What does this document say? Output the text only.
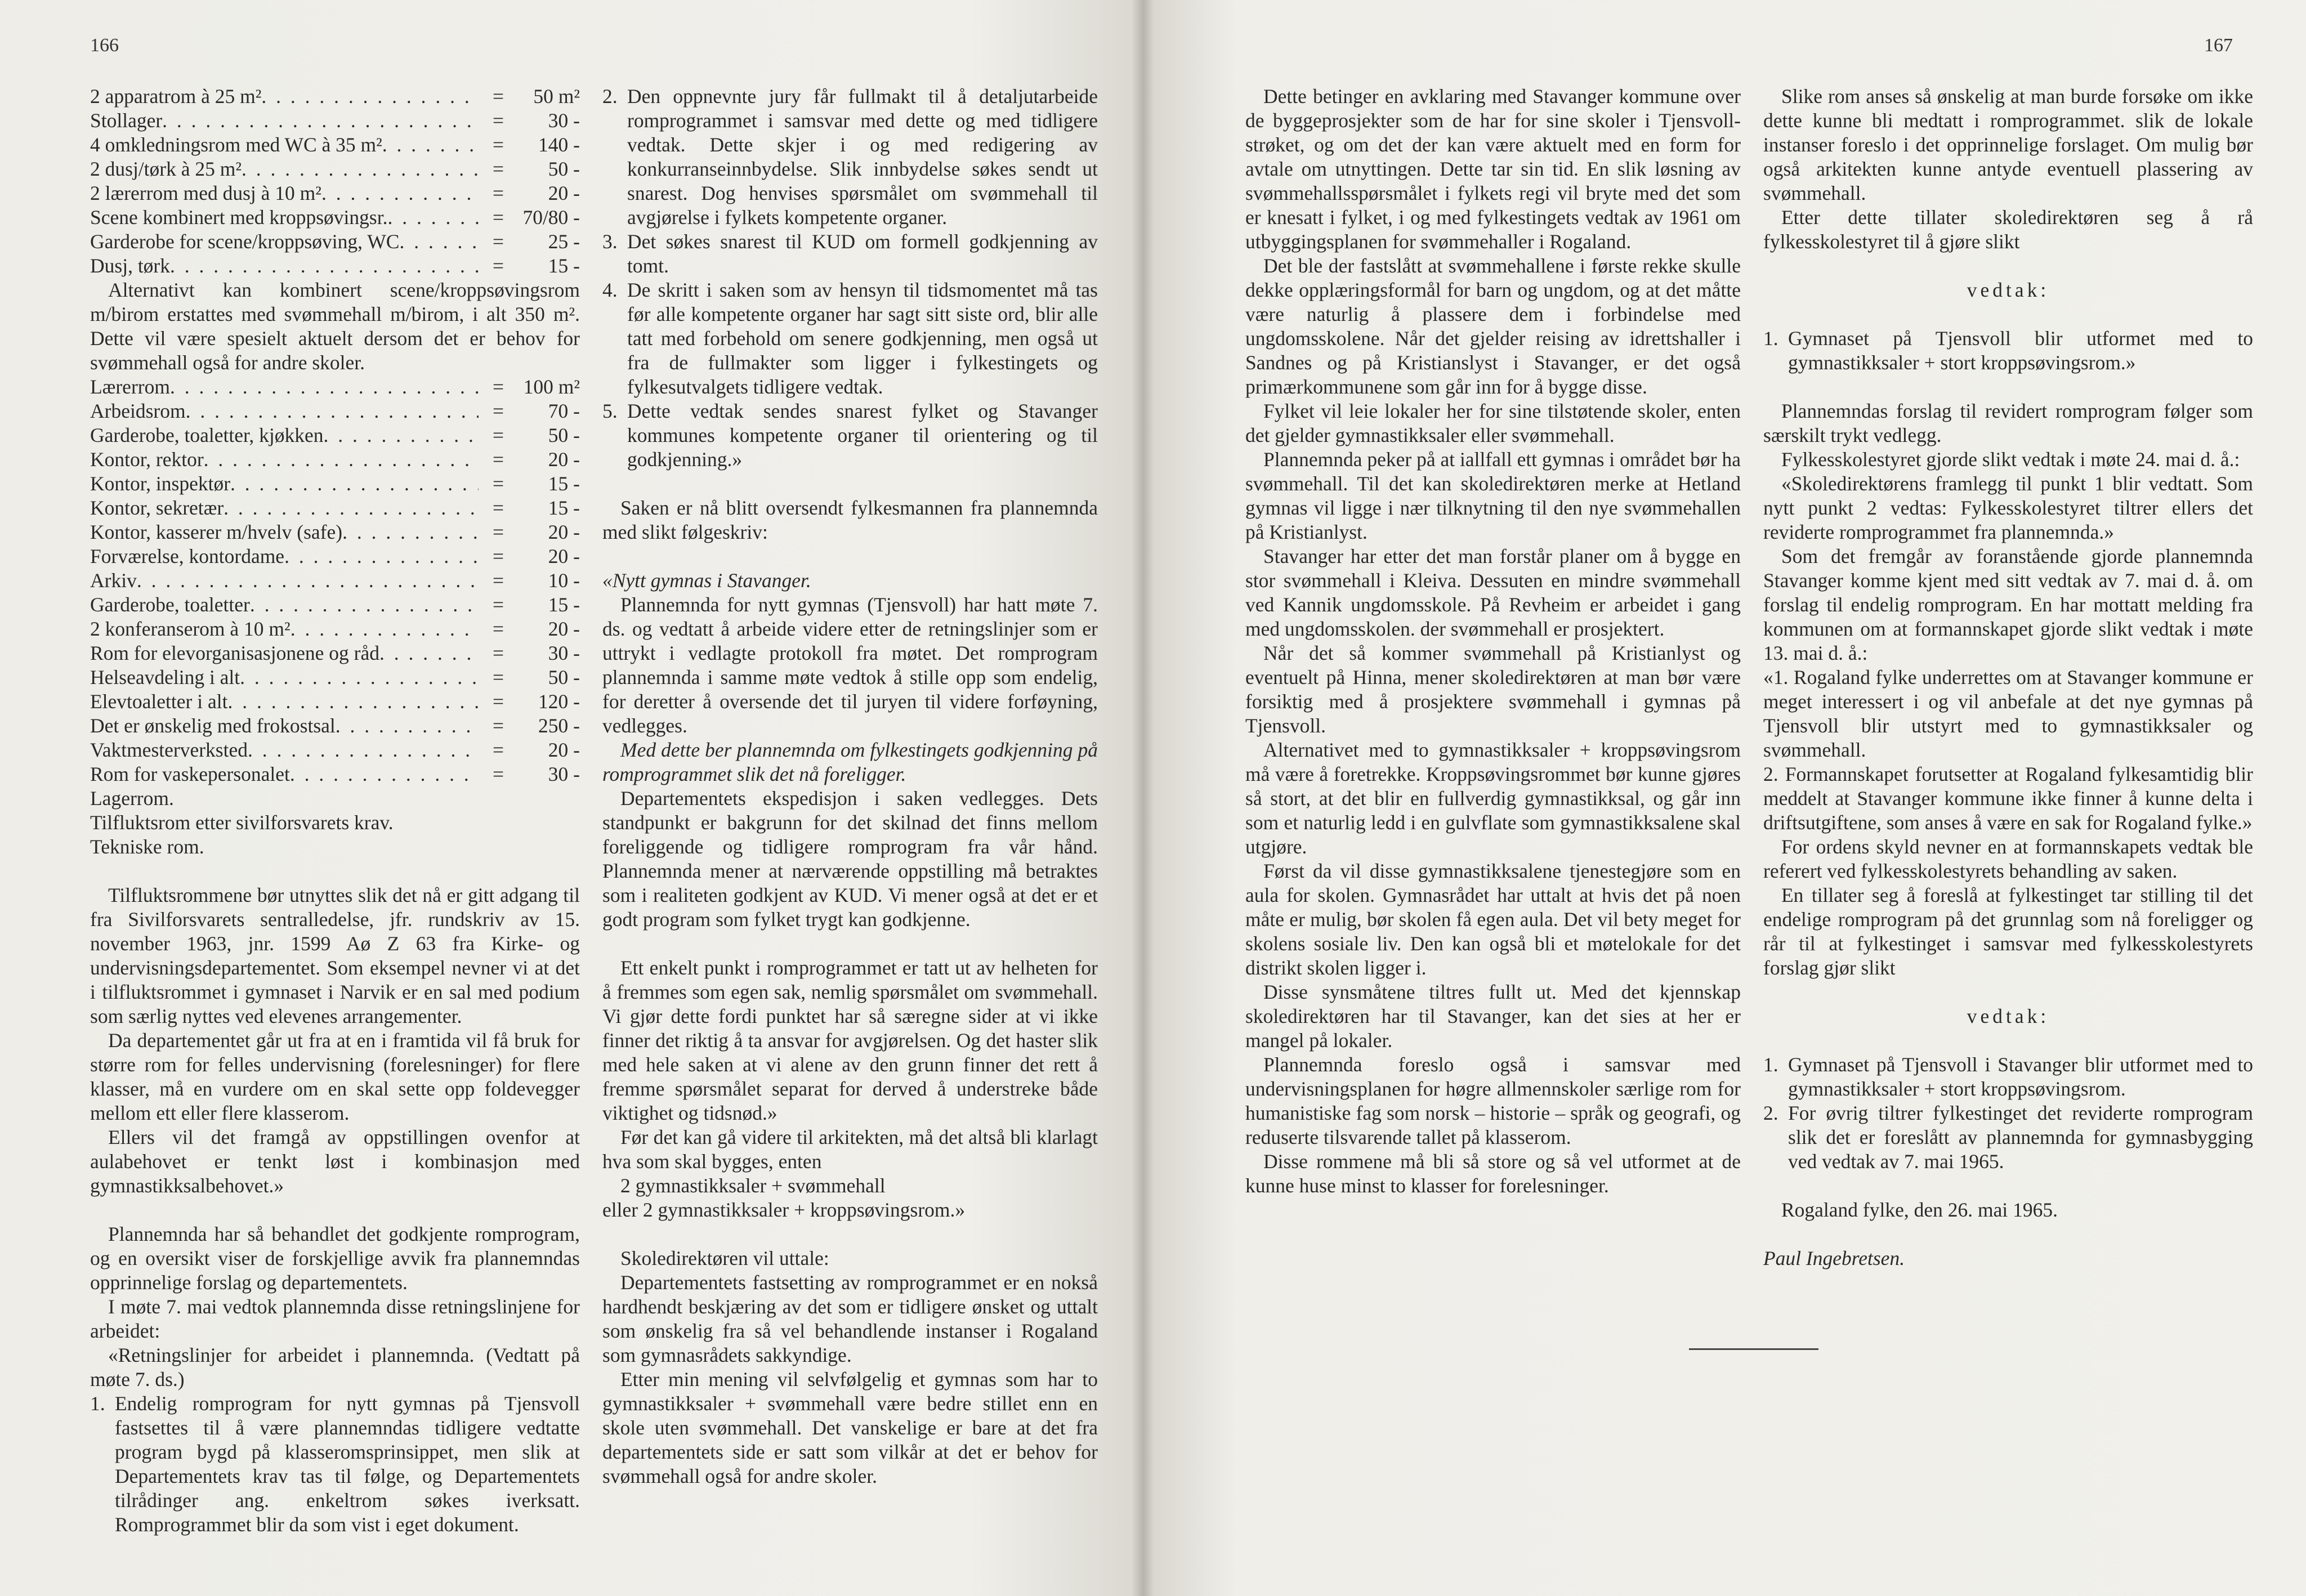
166
2 apparatrom à 25 m² . . .	=	50 m²
Stollager . . .	=	30 -
4 omkledningsrom med WC à 35 m² . . .	=	140 -
2 dusj/tørk à 25 m² . . .	=	50 -
2 lærerrom med dusj à 10 m² . . .	=	20 -
Scene kombinert med kroppsøvingsr. . . .	= 70/80 -
Garderobe for scene/kroppsøving, WC . . .	=	25 -
Dusj, tørk . . .	=	15 -

Alternativt kan kombinert scene/kroppsøvingsrom m/birom erstattes med svømmehall m/birom, i alt 350 m². Dette vil være spesielt aktuelt dersom det er behov for svømmehall også for andre skoler.

Lærerrom . . .	= 100 m²
Arbeidsrom . . .	=	70 -
Garderobe, toaletter, kjøkken . . .	=	50 -
Kontor, rektor . . .	=	20 -
Kontor, inspektør . . .	=	15 -
Kontor, sekretær . . .	=	15 -
Kontor, kasserer m/hvelv (safe) . . .	=	20 -
Forværelse, kontordame . . .	=	20 -
Arkiv . . .	=	10 -
Garderobe, toaletter . . .	=	15 -
2 konferanserom à 10 m² . . .	=	20 -
Rom for elevorganisasjonene og råd . . .	=	30 -
Helseavdeling i alt . . .	=	50 -
Elevtoaletter i alt . . .	=	120 -
Det er ønskelig med frokostsal . . .	=	250 -
Vaktmesterverksted . . .	=	20 -
Rom for vaskepersonalet . . .	=	30 -

Lagerrom.

Tilfluktsrom etter sivilforsvarets krav.

Tekniske rom.

Tilfluktsrommene bør utnyttes slik det nå er gitt adgang til fra Sivilforsvarets sentralledelse, jfr. rundskriv av 15. november 1963, jnr. 1599 Aø Z 63 fra Kirke- og undervisningsdepartementet. Som eksempel nevner vi at det i tilfluktsrommet i gymnaset i Narvik er en sal med podium som særlig nyttes ved elevenes arrangementer.

Da departementet går ut fra at en i framtida vil få bruk for større rom for felles undervisning (forelesninger) for flere klasser, må en vurdere om en skal sette opp foldevegger mellom ett eller flere klasserom.

Ellers vil det framgå av oppstillingen ovenfor at aulabehovet er tenkt løst i kombinasjon med gymnastikksalbehovet.»

Plannemnda har så behandlet det godkjente romprogram, og en oversikt viser de forskjellige avvik fra plannemndas opprinnelige forslag og departementets.

I møte 7. mai vedtok plannemnda disse retningslinjene for arbeidet:

«Retningslinjer for arbeidet i plannemnda. (Vedtatt på møte 7. ds.)

1. Endelig romprogram for nytt gymnas på Tjensvoll fastsettes til å være plannemndas tidligere vedtatte program bygd på klasseromsprinsippet, men slik at Departementets krav tas til følge, og Departementets tilrådinger ang. enkeltrom søkes iverksatt. Romprogrammet blir da som vist i eget dokument.
2. Den oppnevnte jury får fullmakt til å detaljutarbeide romprogrammet i samsvar med dette og med tidligere vedtak. Dette skjer i og med redigering av konkurranseinnbydelse. Slik innbydelse søkes sendt ut snarest. Dog henvises spørsmålet om svømmehall til avgjørelse i fylkets kompetente organer.
3. Det søkes snarest til KUD om formell godkjenning av tomt.
4. De skritt i saken som av hensyn til tidsmomentet må tas før alle kompetente organer har sagt sitt siste ord, blir alle tatt med forbehold om senere godkjenning, men også ut fra de fullmakter som ligger i fylkestingets og fylkesutvalgets tidligere vedtak.
5. Dette vedtak sendes snarest fylket og Stavanger kommunes kompetente organer til orientering og til godkjenning.»

Saken er nå blitt oversendt fylkesmannen fra plannemnda med slikt følgeskriv:

«Nytt gymnas i Stavanger.

Plannemnda for nytt gymnas (Tjensvoll) har hatt møte 7. ds. og vedtatt å arbeide videre etter de retningslinjer som er uttrykt i vedlagte protokoll fra møtet. Det romprogram plannemnda i samme møte vedtok å stille opp som endelig, for deretter å oversende det til juryen til videre forføyning, vedlegges.

Med dette ber plannemnda om fylkestingets godkjenning på romprogrammet slik det nå foreligger.

Departementets ekspedisjon i saken vedlegges. Dets standpunkt er bakgrunn for det skilnad det finns mellom foreliggende og tidligere romprogram fra vår hånd. Plannemnda mener at nærværende oppstilling må betraktes som i realiteten godkjent av KUD. Vi mener også at det er et godt program som fylket trygt kan godkjenne.

Ett enkelt punkt i romprogrammet er tatt ut av helheten for å fremmes som egen sak, nemlig spørsmålet om svømmehall. Vi gjør dette fordi punktet har så særegne sider at vi ikke finner det riktig å ta ansvar for avgjørelsen. Og det haster slik med hele saken at vi alene av den grunn finner det rett å fremme spørsmålet separat for derved å understreke både viktighet og tidsnød.»

Før det kan gå videre til arkitekten, må det altså bli klarlagt hva som skal bygges, enten

2 gymnastikksaler + svømmehall

eller 2 gymnastikksaler + kroppsøvingsrom.»

Skoledirektøren vil uttale:

Departementets fastsetting av romprogrammet er en nokså hardhendt beskjæring av det som er tidligere ønsket og uttalt som ønskelig fra så vel behandlende instanser i Rogaland som gymnasrådets sakkyndige.

Etter min mening vil selvfølgelig et gymnas som har to gymnastikksaler + svømmehall være bedre stillet enn en skole uten svømmehall. Det vanskelige er bare at det fra departementets side er satt som vilkår at det er behov for svømmehall også for andre skoler.

167

Dette betinger en avklaring med Stavanger kommune over de byggeprosjekter som de har for sine skoler i Tjensvoll-strøket, og om det der kan være aktuelt med en form for avtale om utnyttingen. Dette tar sin tid. En slik løsning av svømmehallsspørsmålet i fylkets regi vil bryte med det som er knesatt i fylket, i og med fylkestingets vedtak av 1961 om utbyggingsplanen for svømmehaller i Rogaland.

Det ble der fastslått at svømmehallene i første rekke skulle dekke opplæringsformål for barn og ungdom, og at det måtte være naturlig å plassere dem i forbindelse med ungdomsskolene. Når det gjelder reising av idrettshaller i Sandnes og på Kristianslyst i Stavanger, er det også primærkommunene som går inn for å bygge disse.

Fylket vil leie lokaler her for sine tilstøtende skoler, enten det gjelder gymnastikksaler eller svømmehall.

Plannemnda peker på at iallfall ett gymnas i området bør ha svømmehall. Til det kan skoledirektøren merke at Hetland gymnas vil ligge i nær tilknytning til den nye svømmehallen på Kristianlyst.

Stavanger har etter det man forstår planer om å bygge en stor svømmehall i Kleiva. Dessuten en mindre svømmehall ved Kannik ungdomsskole. På Revheim er arbeidet i gang med ungdomsskolen. der svømmehall er prosjektert.

Når det så kommer svømmehall på Kristianlyst og eventuelt på Hinna, mener skoledirektøren at man bør være forsiktig med å prosjektere svømmehall i gymnas på Tjensvoll.

Alternativet med to gymnastikksaler + kroppsøvingsrom må være å foretrekke. Kroppsøvingsrommet bør kunne gjøres så stort, at det blir en fullverdig gymnastikksal, og går inn som et naturlig ledd i en gulvflate som gymnastikksalene skal utgjøre.

Først da vil disse gymnastikksalene tjenestegjøre som en aula for skolen. Gymnasrådet har uttalt at hvis det på noen måte er mulig, bør skolen få egen aula. Det vil bety meget for skolens sosiale liv. Den kan også bli et møtelokale for det distrikt skolen ligger i.

Disse synsmåtene tiltres fullt ut. Med det kjennskap skoledirektøren har til Stavanger, kan det sies at her er mangel på lokaler.

Plannemnda foreslo også i samsvar med undervisningsplanen for høgre allmennskoler særlige rom for humanistiske fag som norsk – historie – språk og geografi, og reduserte tilsvarende tallet på klasserom.

Disse rommene må bli så store og så vel utformet at de kunne huse minst to klasser for forelesninger.

Slike rom anses så ønskelig at man burde forsøke om ikke dette kunne bli medtatt i romprogrammet. slik de lokale instanser foreslo i det opprinnelige forslaget. Om mulig bør også arkitekten kunne antyde eventuell plassering av svømmehall.

Etter dette tillater skoledirektøren seg å rå fylkesskolestyret til å gjøre slikt

vedtak:

1. Gymnaset på Tjensvoll blir utformet med to gymnastikksaler + stort kroppsøvingsrom.»

Plannemndas forslag til revidert romprogram følger som særskilt trykt vedlegg.

Fylkesskolestyret gjorde slikt vedtak i møte 24. mai d. å.:

«Skoledirektørens framlegg til punkt 1 blir vedtatt. Som nytt punkt 2 vedtas: Fylkesskolestyret tiltrer ellers det reviderte romprogrammet fra plannemnda.»

Som det fremgår av foranstående gjorde plannemnda Stavanger komme kjent med sitt vedtak av 7. mai d. å. om forslag til endelig romprogram. En har mottatt melding fra kommunen om at formannskapet gjorde slikt vedtak i møte 13. mai d. å.:

«1. Rogaland fylke underrettes om at Stavanger kommune er meget interessert i og vil anbefale at det nye gymnas på Tjensvoll blir utstyrt med to gymnastikksaler og svømmehall.

2. Formannskapet forutsetter at Rogaland fylkesamtidig blir meddelt at Stavanger kommune ikke finner å kunne delta i driftsutgiftene, som anses å være en sak for Rogaland fylke.»

For ordens skyld nevner en at formannskapets vedtak ble referert ved fylkesskolestyrets behandling av saken.

En tillater seg å foreslå at fylkestinget tar stilling til det endelige romprogram på det grunnlag som nå foreligger og rår til at fylkestinget i samsvar med fylkesskolestyrets forslag gjør slikt

vedtak:

1. Gymnaset på Tjensvoll i Stavanger blir utformet med to gymnastikksaler + stort kroppsøvingsrom.
2. For øvrig tiltrer fylkestinget det reviderte romprogram slik det er foreslått av plannemnda for gymnasbygging ved vedtak av 7. mai 1965.

Rogaland fylke, den 26. mai 1965.

Paul Ingebretsen.
